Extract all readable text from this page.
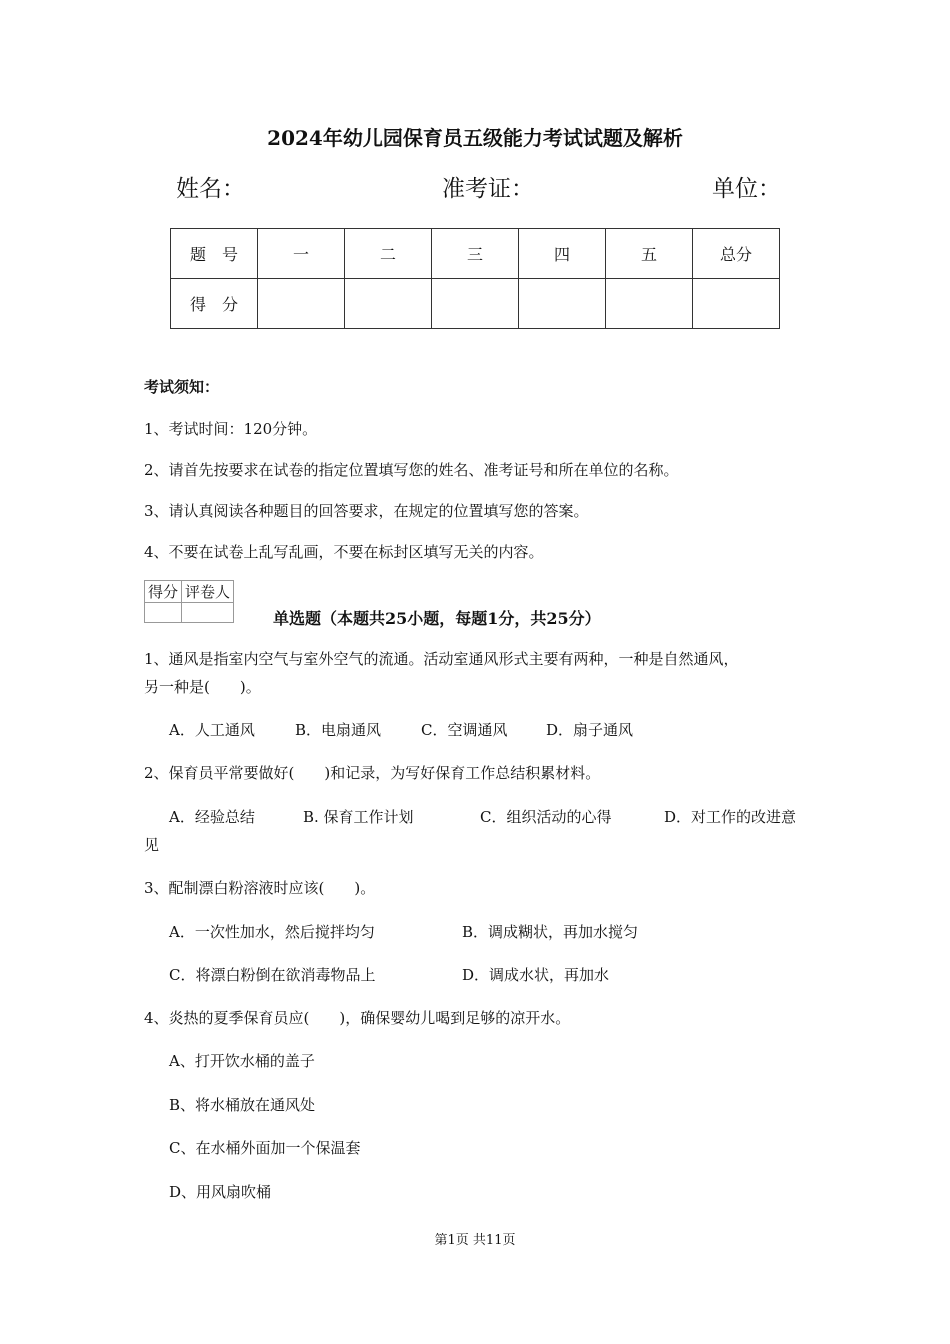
2024年幼儿园保育员五级能力考试试题及解析
姓名：	准考证：	单位：
题　号	一	二	三	四	五	总分
得　分						
考试须知：
1、考试时间：120分钟。
2、请首先按要求在试卷的指定位置填写您的姓名、准考证号和所在单位的名称。
3、请认真阅读各种题目的回答要求，在规定的位置填写您的答案。
4、不要在试卷上乱写乱画，不要在标封区填写无关的内容。
得分	评卷人

单选题（本题共25小题，每题1分，共25分）
1、通风是指室内空气与室外空气的流通。活动室通风形式主要有两种，一种是自然通风，
另一种是(　　)。
A．人工通风	B．电扇通风	C．空调通风	D．扇子通风
2、保育员平常要做好(　　)和记录，为写好保育工作总结积累材料。
A．经验总结	B. 保育工作计划	C．组织活动的心得	D．对工作的改进意
见
3、配制漂白粉溶液时应该(　　)。
A．一次性加水，然后搅拌均匀	B．调成糊状，再加水搅匀
C．将漂白粉倒在欲消毒物品上	D．调成水状，再加水
4、炎热的夏季保育员应(　　)，确保婴幼儿喝到足够的凉开水。
A、打开饮水桶的盖子
B、将水桶放在通风处
C、在水桶外面加一个保温套
D、用风扇吹桶
第1页 共11页
